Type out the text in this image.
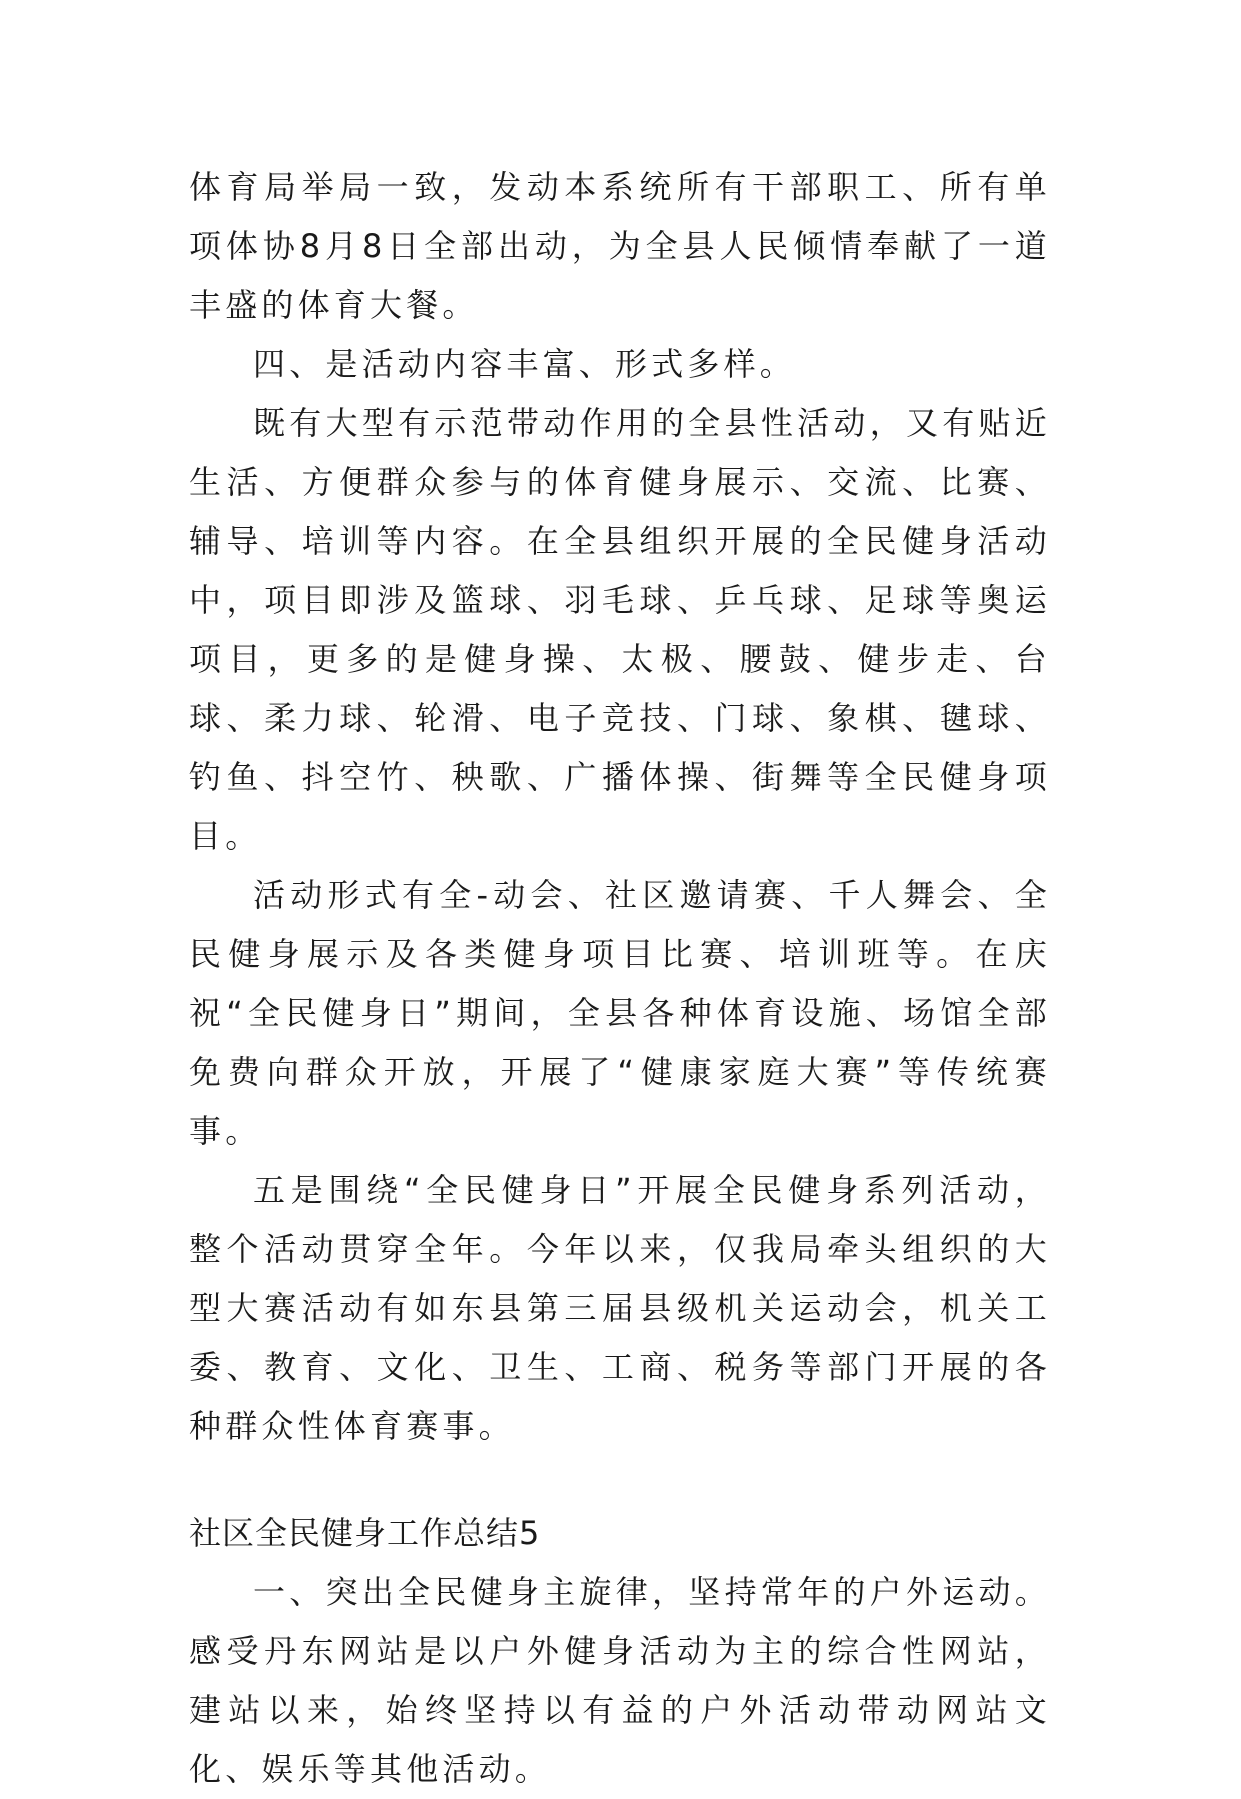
体育局举局一致，发动本系统所有干部职工、所有单项体协8月8日全部出动，为全县人民倾情奉献了一道丰盛的体育大餐。

四、是活动内容丰富、形式多样。

既有大型有示范带动作用的全县性活动，又有贴近生活、方便群众参与的体育健身展示、交流、比赛、辅导、培训等内容。在全县组织开展的全民健身活动中，项目即涉及篮球、羽毛球、乒乓球、足球等奥运项目，更多的是健身操、太极、腰鼓、健步走、台球、柔力球、轮滑、电子竞技、门球、象棋、毽球、钓鱼、抖空竹、秧歌、广播体操、街舞等全民健身项目。

活动形式有全-动会、社区邀请赛、千人舞会、全民健身展示及各类健身项目比赛、培训班等。在庆祝“全民健身日”期间，全县各种体育设施、场馆全部免费向群众开放，开展了“健康家庭大赛”等传统赛事。

五是围绕“全民健身日”开展全民健身系列活动，整个活动贯穿全年。今年以来，仅我局牵头组织的大型大赛活动有如东县第三届县级机关运动会，机关工委、教育、文化、卫生、工商、税务等部门开展的各种群众性体育赛事。

社区全民健身工作总结5

一、突出全民健身主旋律，坚持常年的户外运动。感受丹东网站是以户外健身活动为主的综合性网站，建站以来，始终坚持以有益的户外活动带动网站文化、娱乐等其他活动。
